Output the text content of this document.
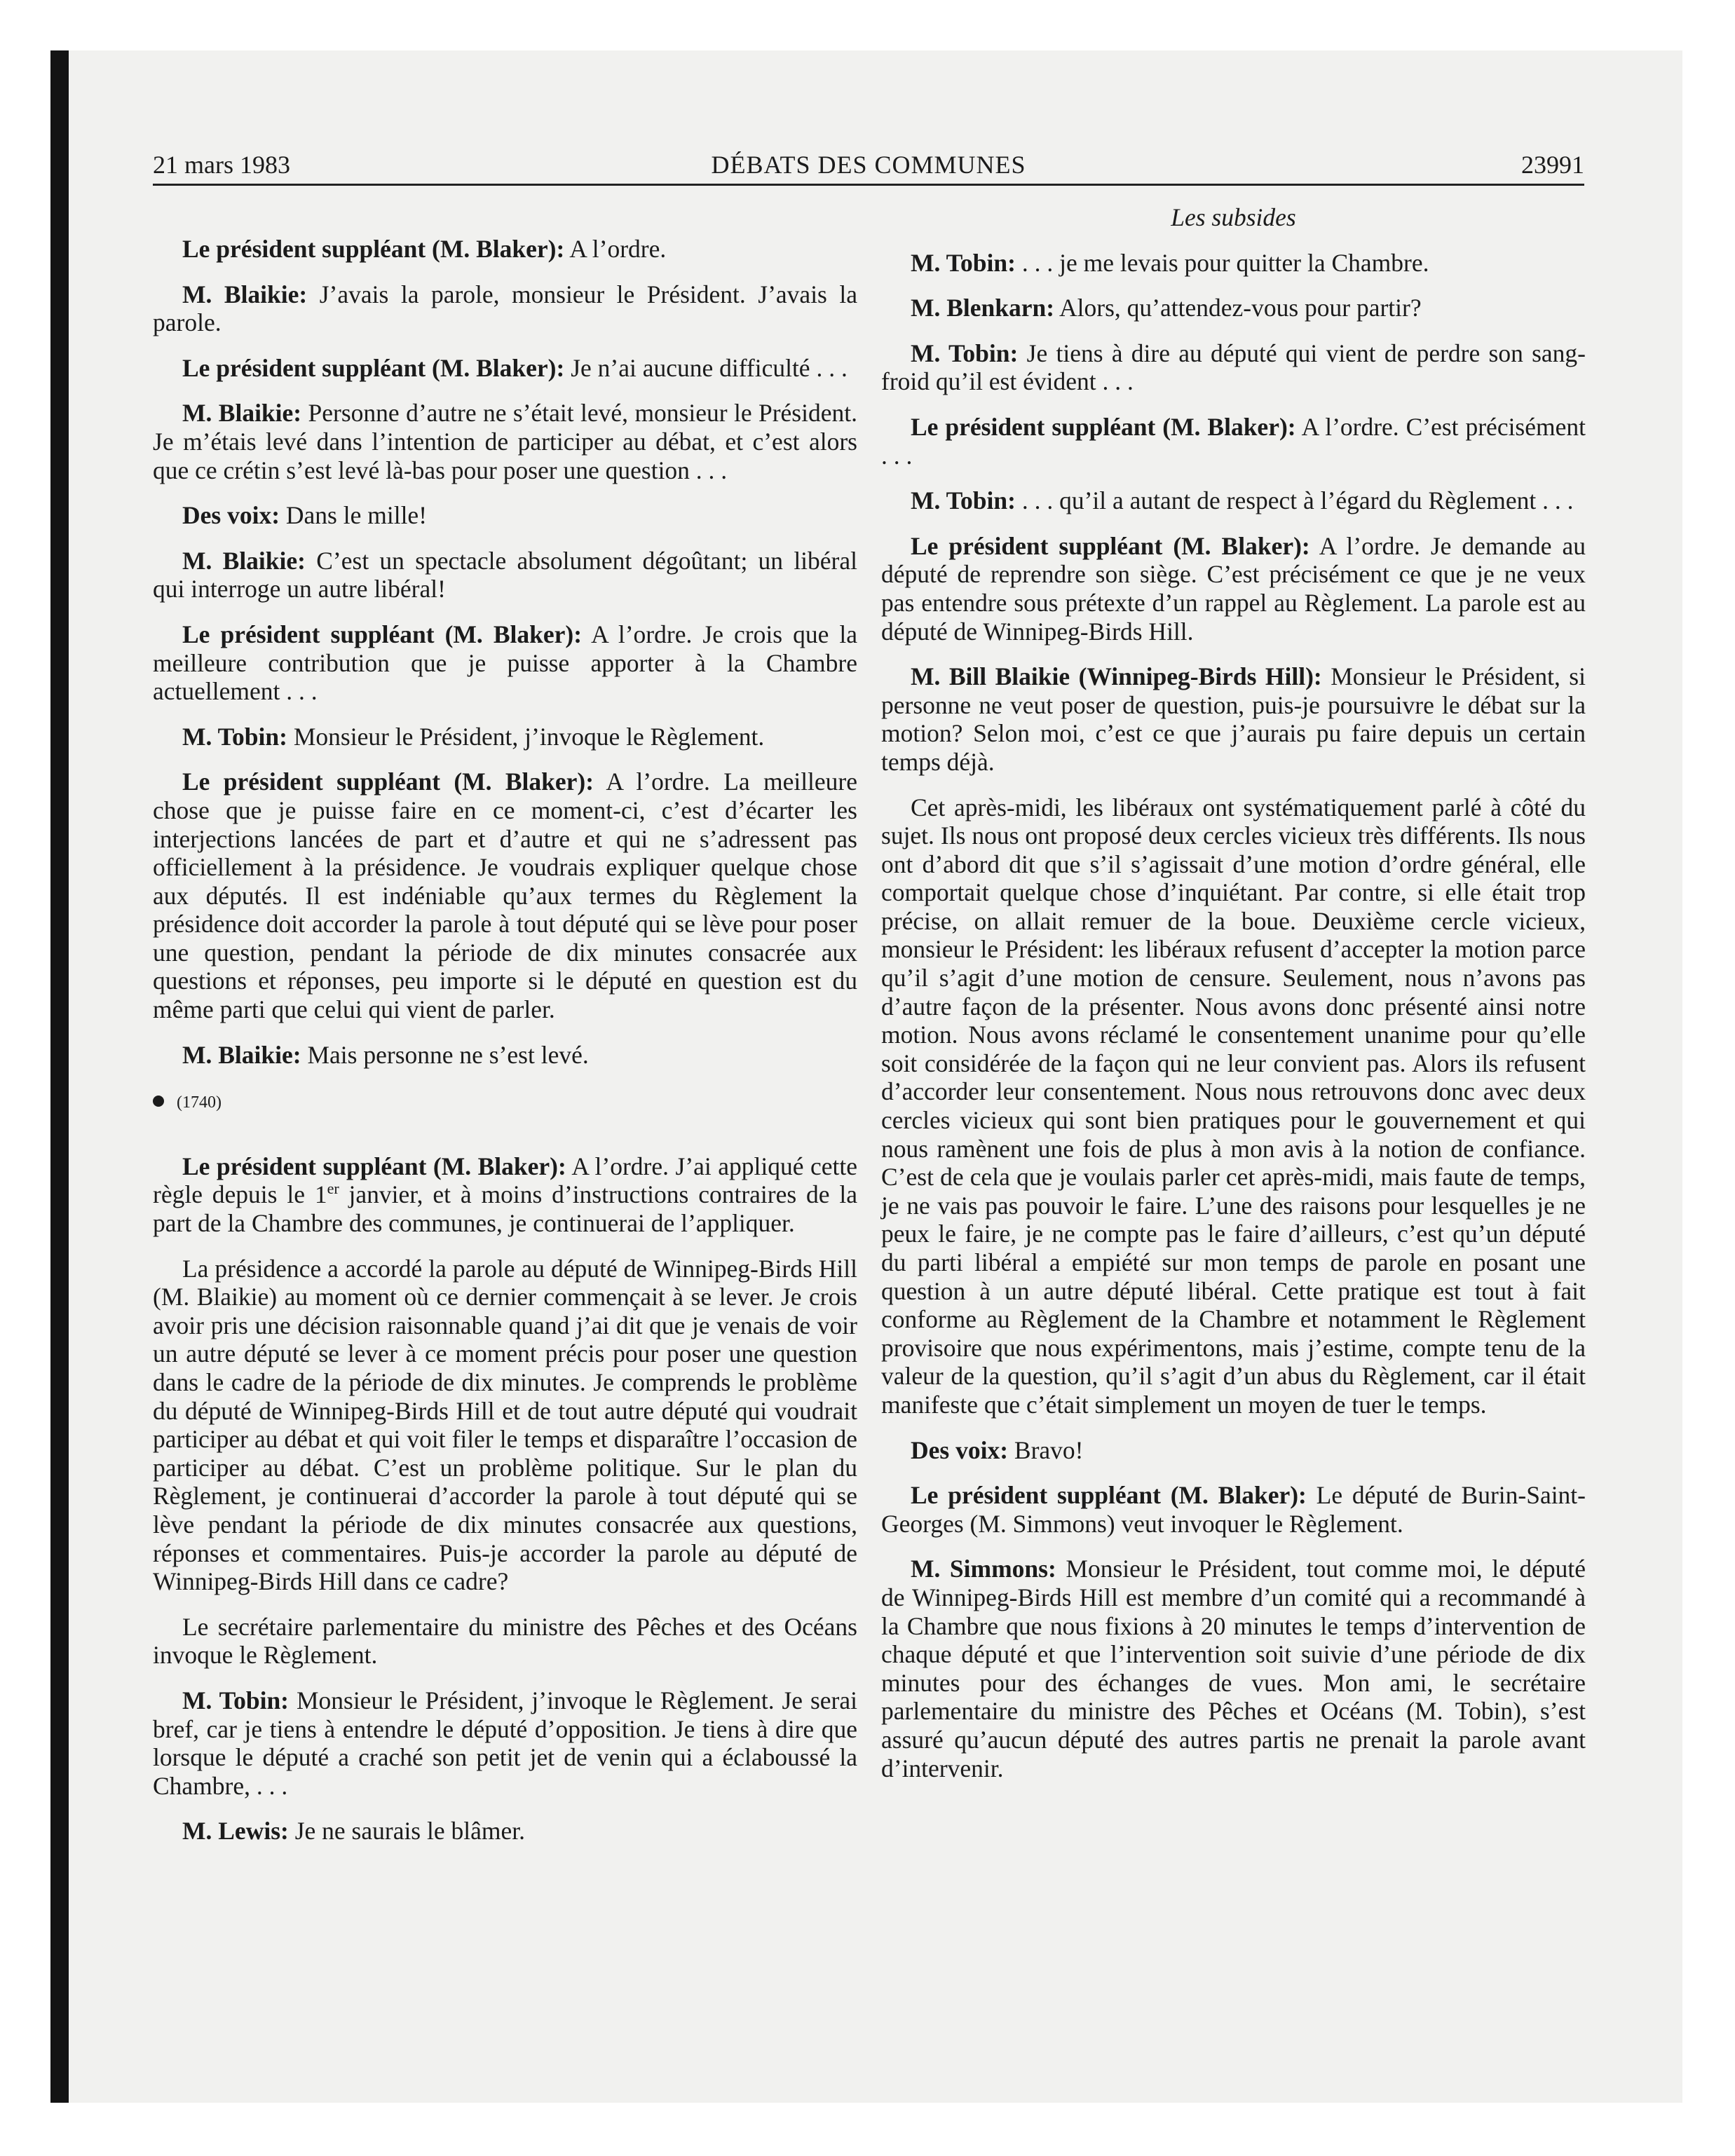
21 mars 1983	DÉBATS DES COMMUNES	23991

Le président suppléant (M. Blaker): A l’ordre.

M. Blaikie: J’avais la parole, monsieur le Président. J’avais la parole.

Le président suppléant (M. Blaker): Je n’ai aucune difficulté . . .

M. Blaikie: Personne d’autre ne s’était levé, monsieur le Président. Je m’étais levé dans l’intention de participer au débat, et c’est alors que ce crétin s’est levé là-bas pour poser une question . . .

Des voix: Dans le mille!

M. Blaikie: C’est un spectacle absolument dégoûtant; un libéral qui interroge un autre libéral!

Le président suppléant (M. Blaker): A l’ordre. Je crois que la meilleure contribution que je puisse apporter à la Chambre actuellement . . .

M. Tobin: Monsieur le Président, j’invoque le Règlement.

Le président suppléant (M. Blaker): A l’ordre. La meilleure chose que je puisse faire en ce moment-ci, c’est d’écarter les interjections lancées de part et d’autre et qui ne s’adressent pas officiellement à la présidence. Je voudrais expliquer quelque chose aux députés. Il est indéniable qu’aux termes du Règlement la présidence doit accorder la parole à tout député qui se lève pour poser une question, pendant la période de dix minutes consacrée aux questions et réponses, peu importe si le député en question est du même parti que celui qui vient de parler.

M. Blaikie: Mais personne ne s’est levé.

(1740)

Le président suppléant (M. Blaker): A l’ordre. J’ai appliqué cette règle depuis le 1er janvier, et à moins d’instructions contraires de la part de la Chambre des communes, je continuerai de l’appliquer.

La présidence a accordé la parole au député de Winnipeg-Birds Hill (M. Blaikie) au moment où ce dernier commençait à se lever. Je crois avoir pris une décision raisonnable quand j’ai dit que je venais de voir un autre député se lever à ce moment précis pour poser une question dans le cadre de la période de dix minutes. Je comprends le problème du député de Winnipeg-Birds Hill et de tout autre député qui voudrait participer au débat et qui voit filer le temps et disparaître l’occasion de participer au débat. C’est un problème politique. Sur le plan du Règlement, je continuerai d’accorder la parole à tout député qui se lève pendant la période de dix minutes consacrée aux questions, réponses et commentaires. Puis-je accorder la parole au député de Winnipeg-Birds Hill dans ce cadre?

Le secrétaire parlementaire du ministre des Pêches et des Océans invoque le Règlement.

M. Tobin: Monsieur le Président, j’invoque le Règlement. Je serai bref, car je tiens à entendre le député d’opposition. Je tiens à dire que lorsque le député a craché son petit jet de venin qui a éclaboussé la Chambre, . . .

M. Lewis: Je ne saurais le blâmer.

Les subsides

M. Tobin: . . . je me levais pour quitter la Chambre.

M. Blenkarn: Alors, qu’attendez-vous pour partir?

M. Tobin: Je tiens à dire au député qui vient de perdre son sang-froid qu’il est évident . . .

Le président suppléant (M. Blaker): A l’ordre. C’est précisément . . .

M. Tobin: . . . qu’il a autant de respect à l’égard du Règlement . . .

Le président suppléant (M. Blaker): A l’ordre. Je demande au député de reprendre son siège. C’est précisément ce que je ne veux pas entendre sous prétexte d’un rappel au Règlement. La parole est au député de Winnipeg-Birds Hill.

M. Bill Blaikie (Winnipeg-Birds Hill): Monsieur le Président, si personne ne veut poser de question, puis-je poursuivre le débat sur la motion? Selon moi, c’est ce que j’aurais pu faire depuis un certain temps déjà.

Cet après-midi, les libéraux ont systématiquement parlé à côté du sujet. Ils nous ont proposé deux cercles vicieux très différents. Ils nous ont d’abord dit que s’il s’agissait d’une motion d’ordre général, elle comportait quelque chose d’inquiétant. Par contre, si elle était trop précise, on allait remuer de la boue. Deuxième cercle vicieux, monsieur le Président: les libéraux refusent d’accepter la motion parce qu’il s’agit d’une motion de censure. Seulement, nous n’avons pas d’autre façon de la présenter. Nous avons donc présenté ainsi notre motion. Nous avons réclamé le consentement unanime pour qu’elle soit considérée de la façon qui ne leur convient pas. Alors ils refusent d’accorder leur consentement. Nous nous retrouvons donc avec deux cercles vicieux qui sont bien pratiques pour le gouvernement et qui nous ramènent une fois de plus à mon avis à la notion de confiance. C’est de cela que je voulais parler cet après-midi, mais faute de temps, je ne vais pas pouvoir le faire. L’une des raisons pour lesquelles je ne peux le faire, je ne compte pas le faire d’ailleurs, c’est qu’un député du parti libéral a empiété sur mon temps de parole en posant une question à un autre député libéral. Cette pratique est tout à fait conforme au Règlement de la Chambre et notamment le Règlement provisoire que nous expérimentons, mais j’estime, compte tenu de la valeur de la question, qu’il s’agit d’un abus du Règlement, car il était manifeste que c’était simplement un moyen de tuer le temps.

Des voix: Bravo!

Le président suppléant (M. Blaker): Le député de Burin-Saint-Georges (M. Simmons) veut invoquer le Règlement.

M. Simmons: Monsieur le Président, tout comme moi, le député de Winnipeg-Birds Hill est membre d’un comité qui a recommandé à la Chambre que nous fixions à 20 minutes le temps d’intervention de chaque député et que l’intervention soit suivie d’une période de dix minutes pour des échanges de vues. Mon ami, le secrétaire parlementaire du ministre des Pêches et Océans (M. Tobin), s’est assuré qu’aucun député des autres partis ne prenait la parole avant d’intervenir.
